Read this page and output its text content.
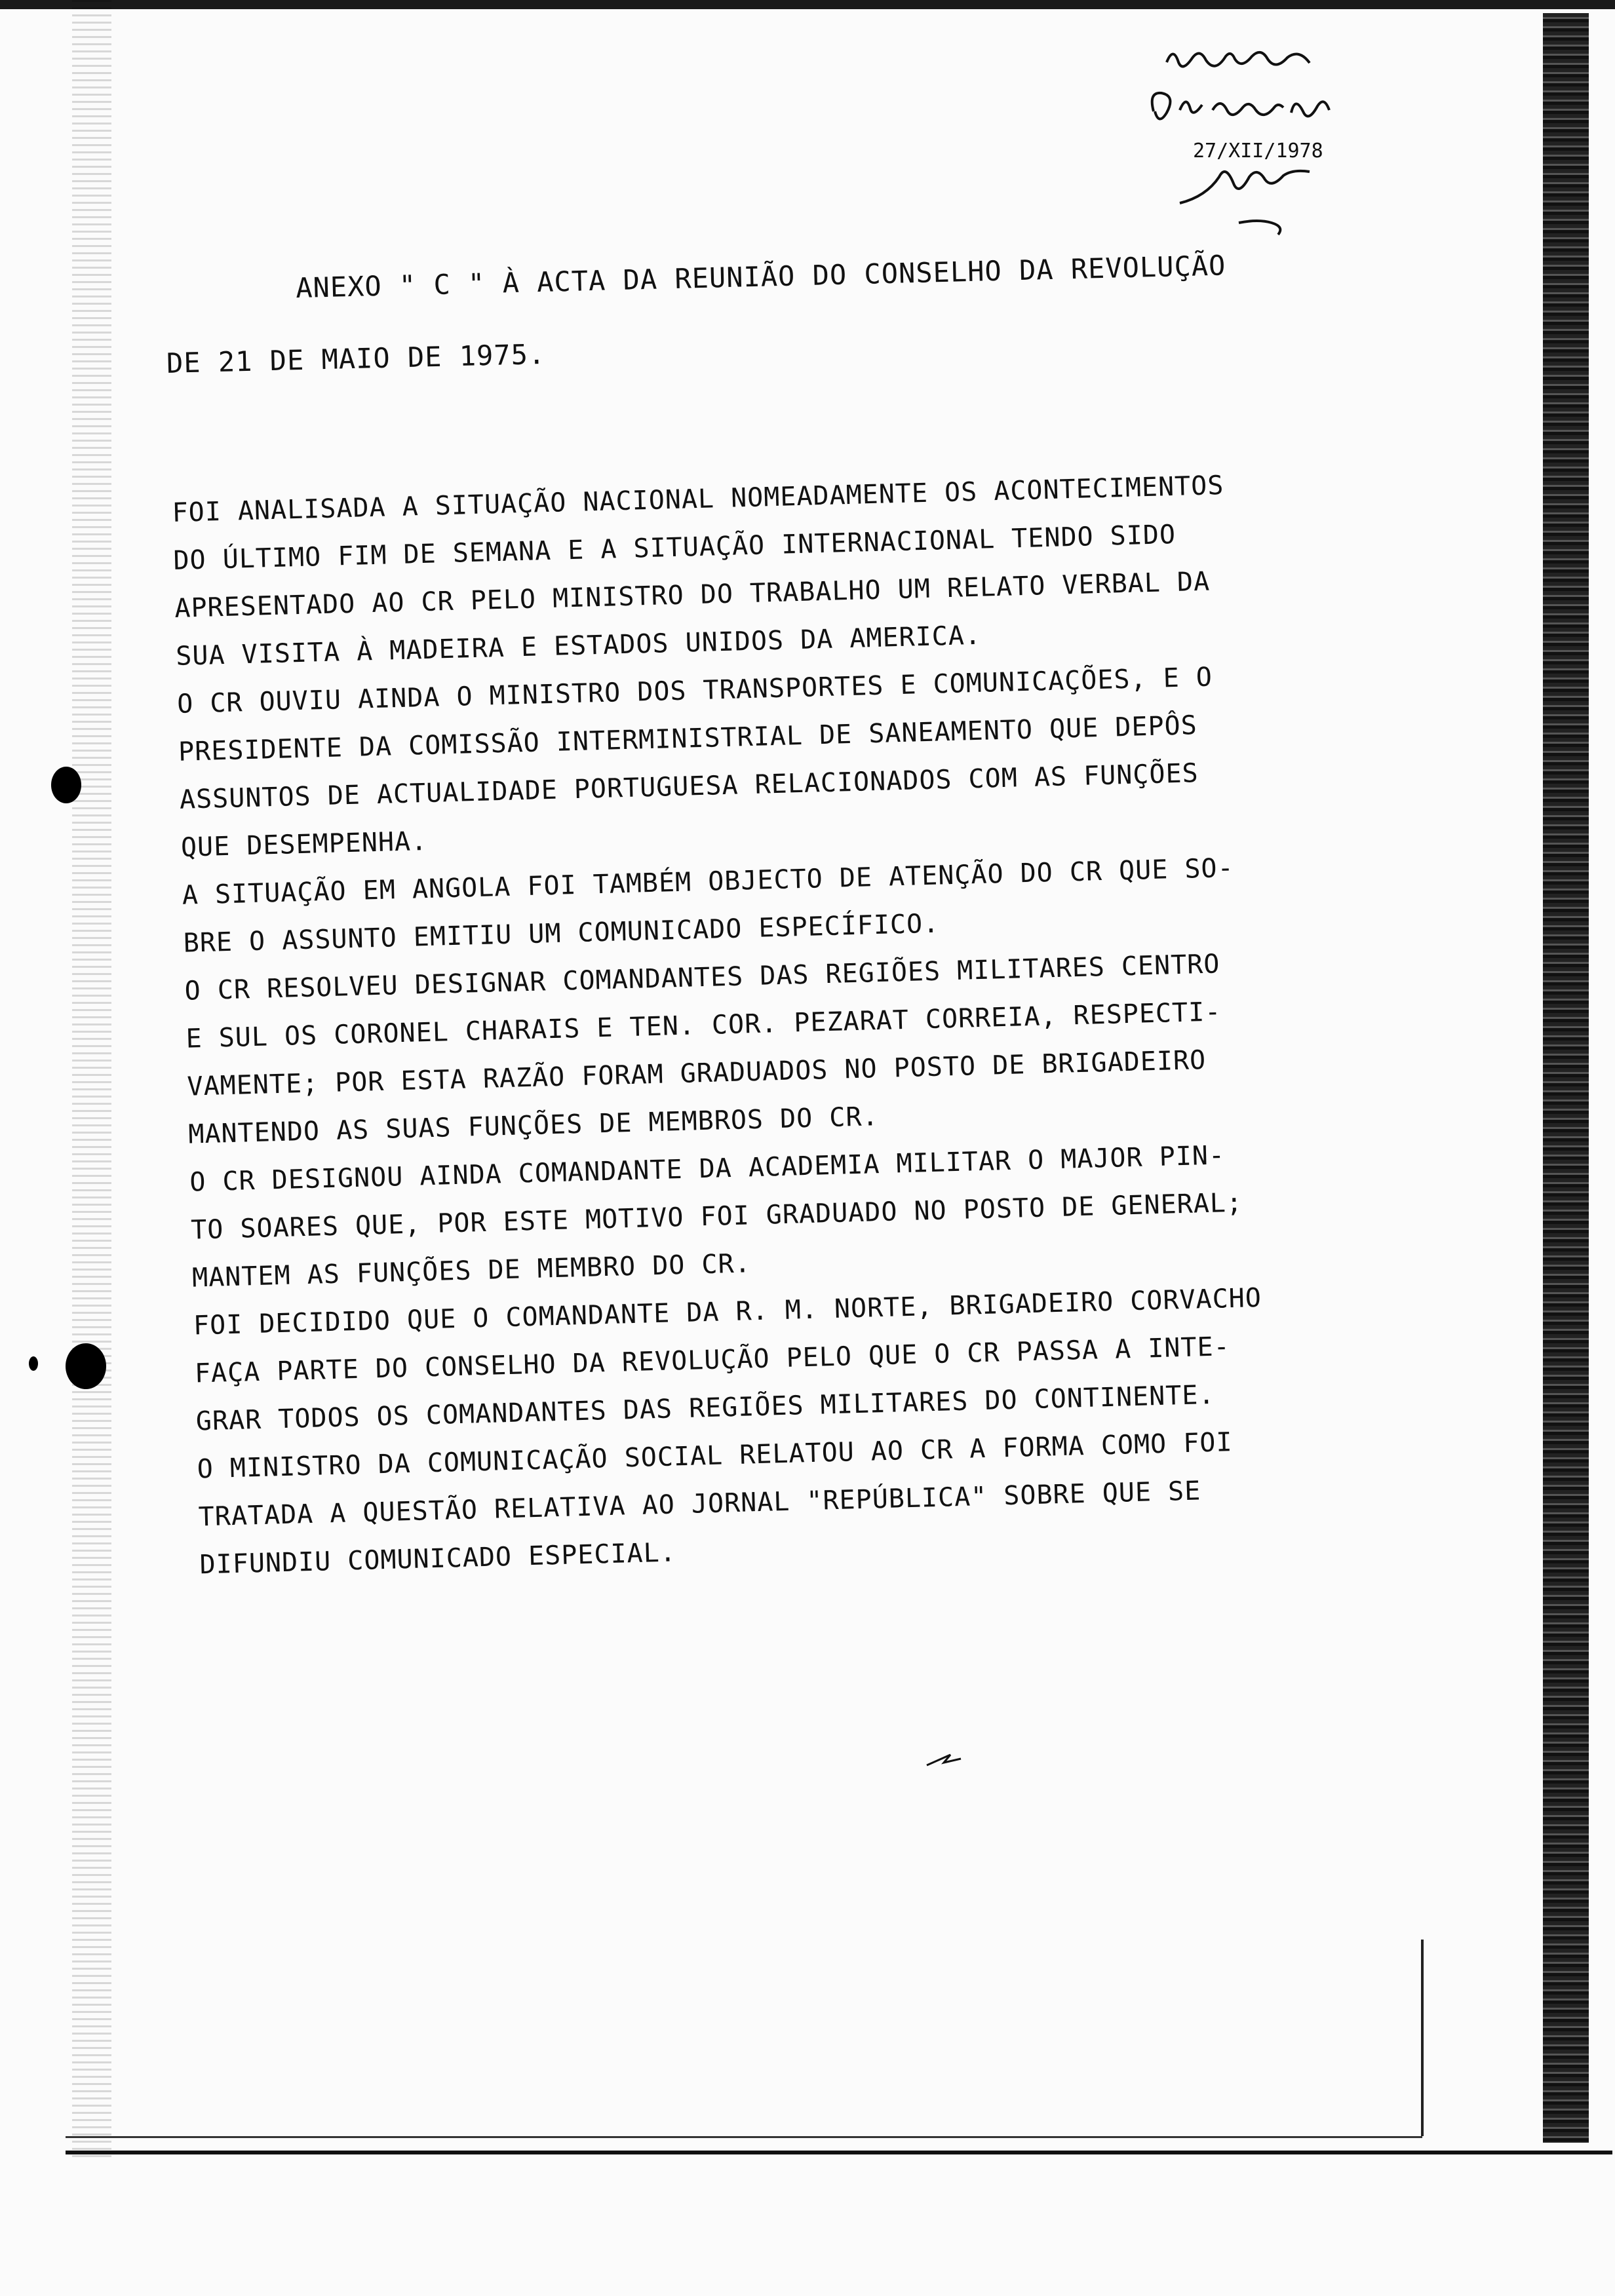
27/XII/1978
ANEXO " C " À ACTA DA REUNIÃO DO CONSELHO DA REVOLUÇÃO
DE 21 DE MAIO DE 1975.
FOI ANALISADA A SITUAÇÃO NACIONAL NOMEADAMENTE OS ACONTECIMENTOS
DO ÚLTIMO FIM DE SEMANA E A SITUAÇÃO INTERNACIONAL TENDO SIDO
APRESENTADO AO CR PELO MINISTRO DO TRABALHO UM RELATO VERBAL DA
SUA VISITA À MADEIRA E ESTADOS UNIDOS DA AMERICA.
O CR OUVIU AINDA O MINISTRO DOS TRANSPORTES E COMUNICAÇÕES, E O
PRESIDENTE DA COMISSÃO INTERMINISTRIAL DE SANEAMENTO QUE DEPÔS
ASSUNTOS DE ACTUALIDADE PORTUGUESA RELACIONADOS COM AS FUNÇÕES
QUE DESEMPENHA.
A SITUAÇÃO EM ANGOLA FOI TAMBÉM OBJECTO DE ATENÇÃO DO CR QUE SO-
BRE O ASSUNTO EMITIU UM COMUNICADO ESPECÍFICO.
O CR RESOLVEU DESIGNAR COMANDANTES DAS REGIÕES MILITARES CENTRO
E SUL OS CORONEL CHARAIS E TEN. COR. PEZARAT CORREIA, RESPECTI-
VAMENTE; POR ESTA RAZÃO FORAM GRADUADOS NO POSTO DE BRIGADEIRO
MANTENDO AS SUAS FUNÇÕES DE MEMBROS DO CR.
O CR DESIGNOU AINDA COMANDANTE DA ACADEMIA MILITAR O MAJOR PIN-
TO SOARES QUE, POR ESTE MOTIVO FOI GRADUADO NO POSTO DE GENERAL;
MANTEM AS FUNÇÕES DE MEMBRO DO CR.
FOI DECIDIDO QUE O COMANDANTE DA R. M. NORTE, BRIGADEIRO CORVACHO
FAÇA PARTE DO CONSELHO DA REVOLUÇÃO PELO QUE O CR PASSA A INTE-
GRAR TODOS OS COMANDANTES DAS REGIÕES MILITARES DO CONTINENTE.
O MINISTRO DA COMUNICAÇÃO SOCIAL RELATOU AO CR A FORMA COMO FOI
TRATADA A QUESTÃO RELATIVA AO JORNAL "REPÚBLICA" SOBRE QUE SE
DIFUNDIU COMUNICADO ESPECIAL.
